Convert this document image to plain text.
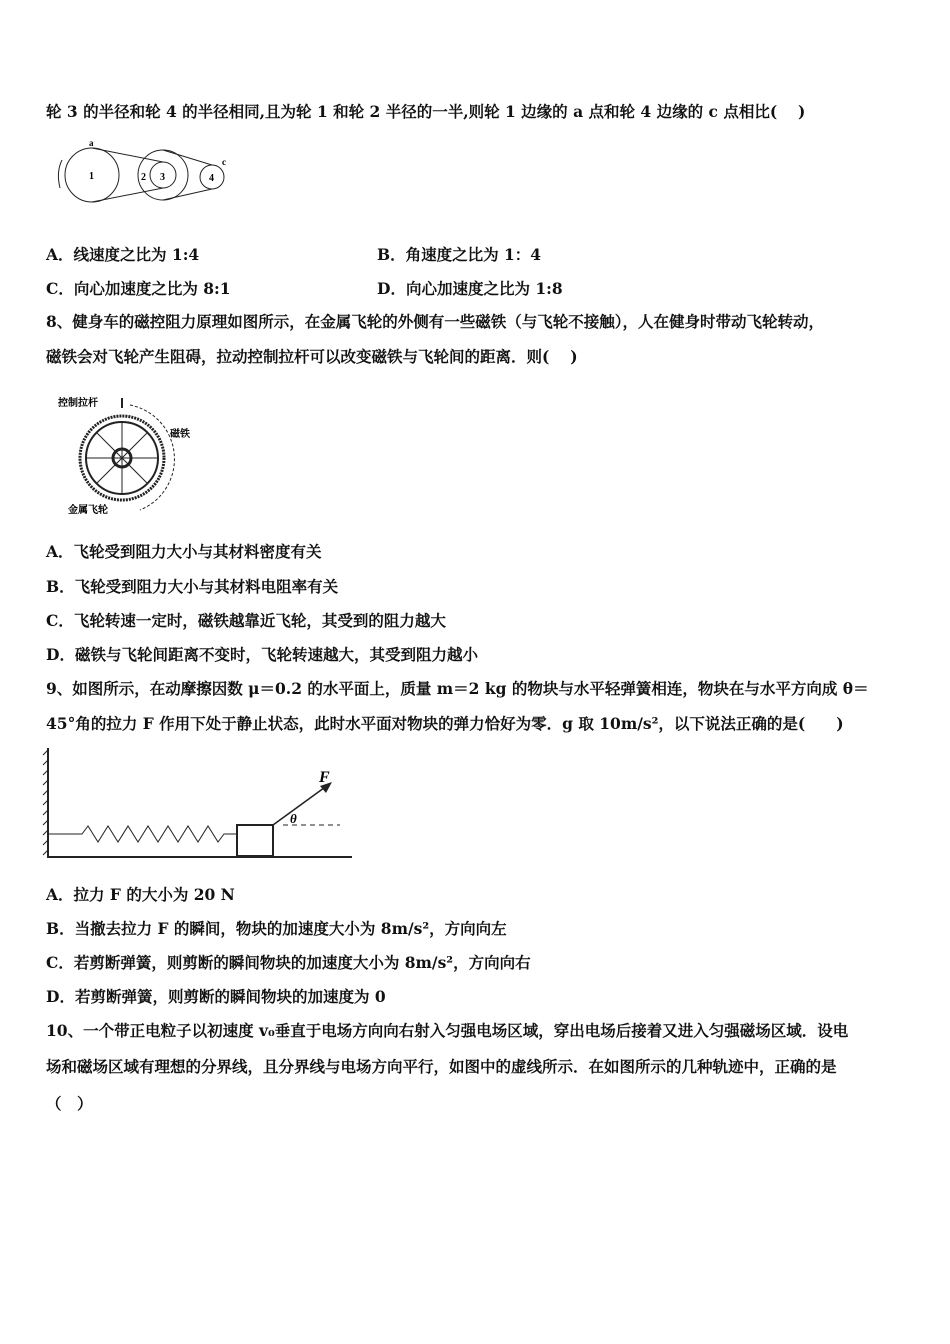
轮 3 的半径和轮 4 的半径相同,且为轮 1 和轮 2 半径的一半,则轮 1 边缘的 a 点和轮 4 边缘的 c 点相比(　 )
a
c
1	2 3	4
A．线速度之比为 1:4	B．角速度之比为 1：4
C．向心加速度之比为 8:1	D．向心加速度之比为 1:8
8、健身车的磁控阻力原理如图所示，在金属飞轮的外侧有一些磁铁（与飞轮不接触），人在健身时带动飞轮转动，
磁铁会对飞轮产生阻碍，拉动控制拉杆可以改变磁铁与飞轮间的距离．则(　 )
控制拉杆
磁铁
金属飞轮
A．飞轮受到阻力大小与其材料密度有关
B．飞轮受到阻力大小与其材料电阻率有关
C．飞轮转速一定时，磁铁越靠近飞轮，其受到的阻力越大
D．磁铁与飞轮间距离不变时，飞轮转速越大，其受到阻力越小
9、如图所示，在动摩擦因数 μ＝0.2 的水平面上，质量 m＝2 kg 的物块与水平轻弹簧相连，物块在与水平方向成 θ＝
45°角的拉力 F 作用下处于静止状态，此时水平面对物块的弹力恰好为零．g 取 10m/s²，以下说法正确的是(　　)
F
θ
A．拉力 F 的大小为 20 N
B．当撤去拉力 F 的瞬间，物块的加速度大小为 8m/s²，方向向左
C．若剪断弹簧，则剪断的瞬间物块的加速度大小为 8m/s²，方向向右
D．若剪断弹簧，则剪断的瞬间物块的加速度为 0
10、一个带正电粒子以初速度 v₀垂直于电场方向向右射入匀强电场区域，穿出电场后接着又进入匀强磁场区域．设电
场和磁场区域有理想的分界线，且分界线与电场方向平行，如图中的虚线所示．在如图所示的几种轨迹中，正确的是
（　）
